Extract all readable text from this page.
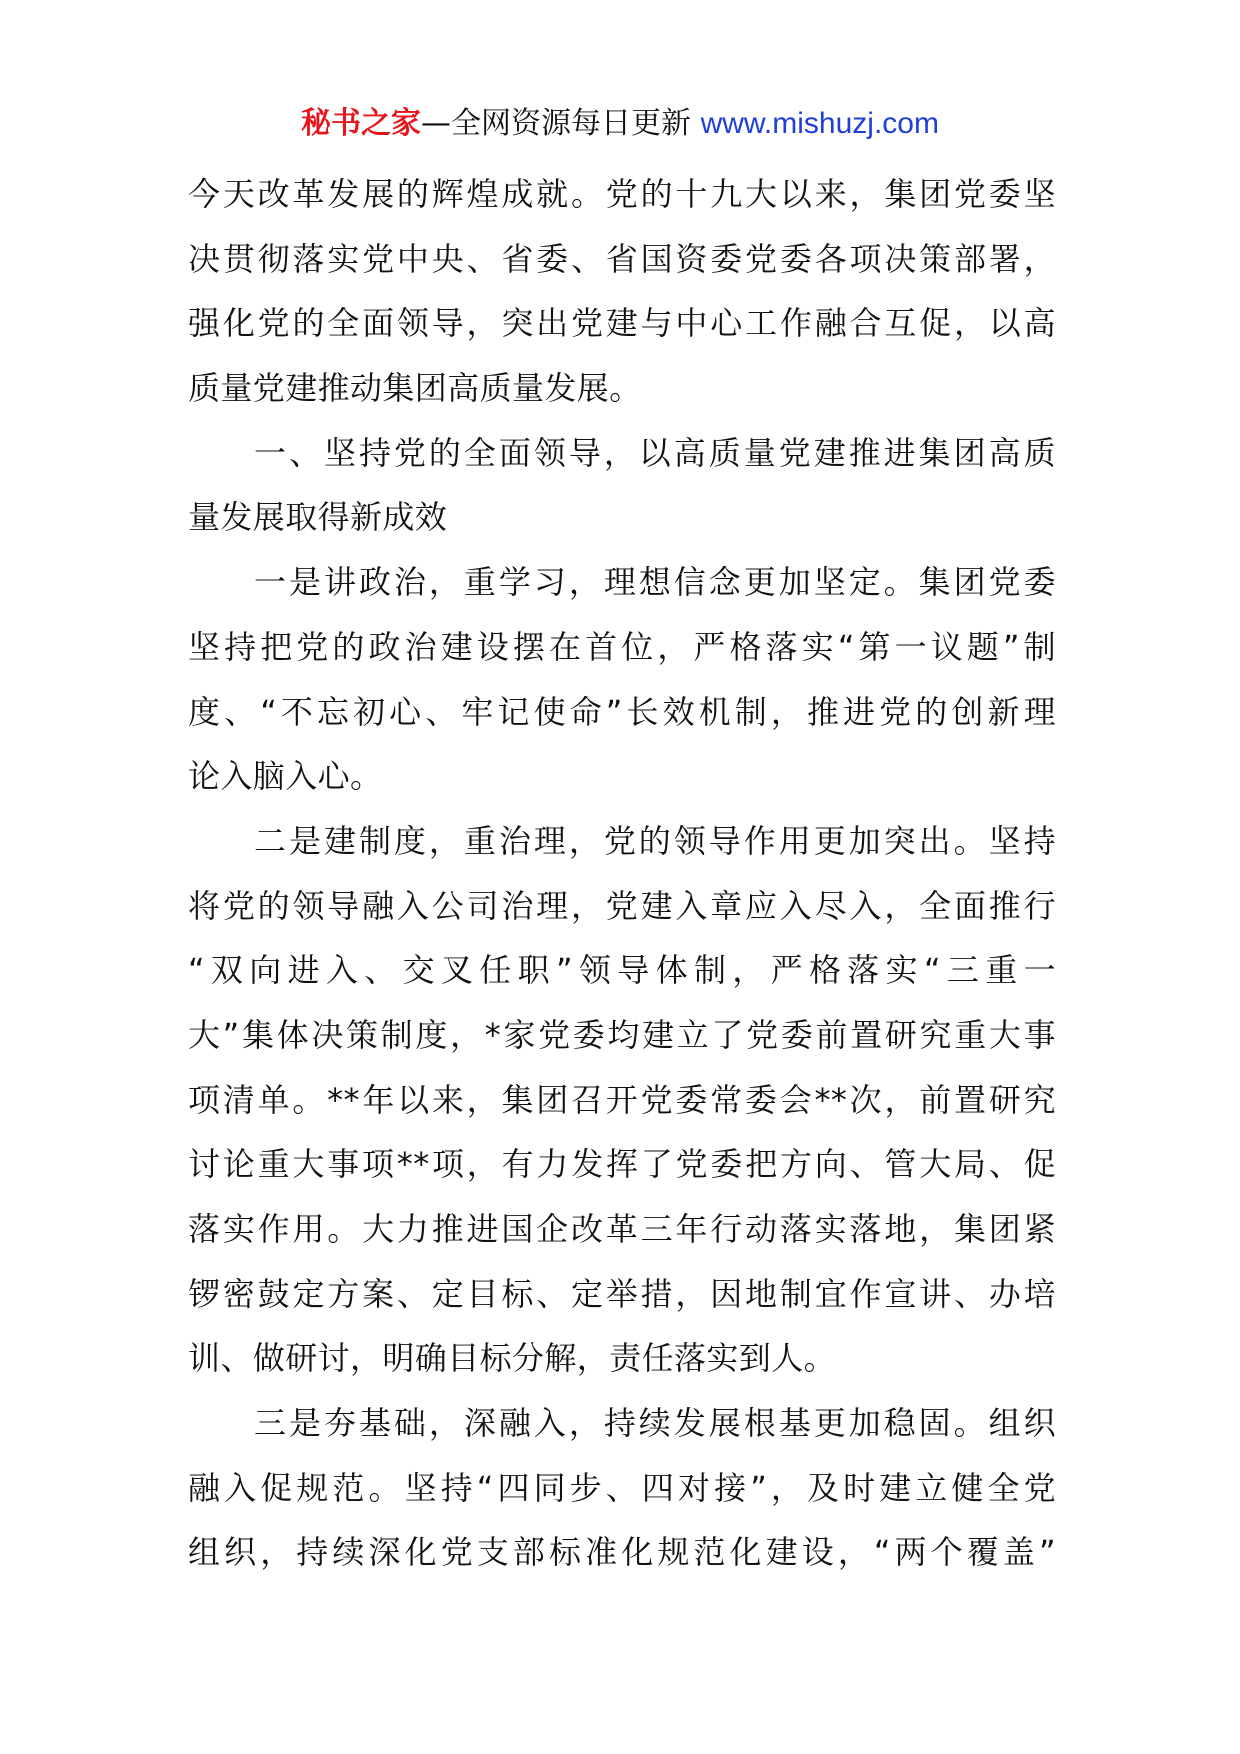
秘书之家—全网资源每日更新 www.mishuzj.com
今天改革发展的辉煌成就。党的十九大以来，集团党委坚
决贯彻落实党中央、省委、省国资委党委各项决策部署，
强化党的全面领导，突出党建与中心工作融合互促，以高
质量党建推动集团高质量发展。
一、坚持党的全面领导，以高质量党建推进集团高质
量发展取得新成效
一是讲政治，重学习，理想信念更加坚定。集团党委
坚持把党的政治建设摆在首位，严格落实“第一议题”制
度、“不忘初心、牢记使命”长效机制，推进党的创新理
论入脑入心。
二是建制度，重治理，党的领导作用更加突出。坚持
将党的领导融入公司治理，党建入章应入尽入，全面推行
“双向进入、交叉任职”领导体制，严格落实“三重一
大”集体决策制度，*家党委均建立了党委前置研究重大事
项清单。**年以来，集团召开党委常委会**次，前置研究
讨论重大事项**项，有力发挥了党委把方向、管大局、促
落实作用。大力推进国企改革三年行动落实落地，集团紧
锣密鼓定方案、定目标、定举措，因地制宜作宣讲、办培
训、做研讨，明确目标分解，责任落实到人。
三是夯基础，深融入，持续发展根基更加稳固。组织
融入促规范。坚持“四同步、四对接”，及时建立健全党
组织，持续深化党支部标准化规范化建设，“两个覆盖”
